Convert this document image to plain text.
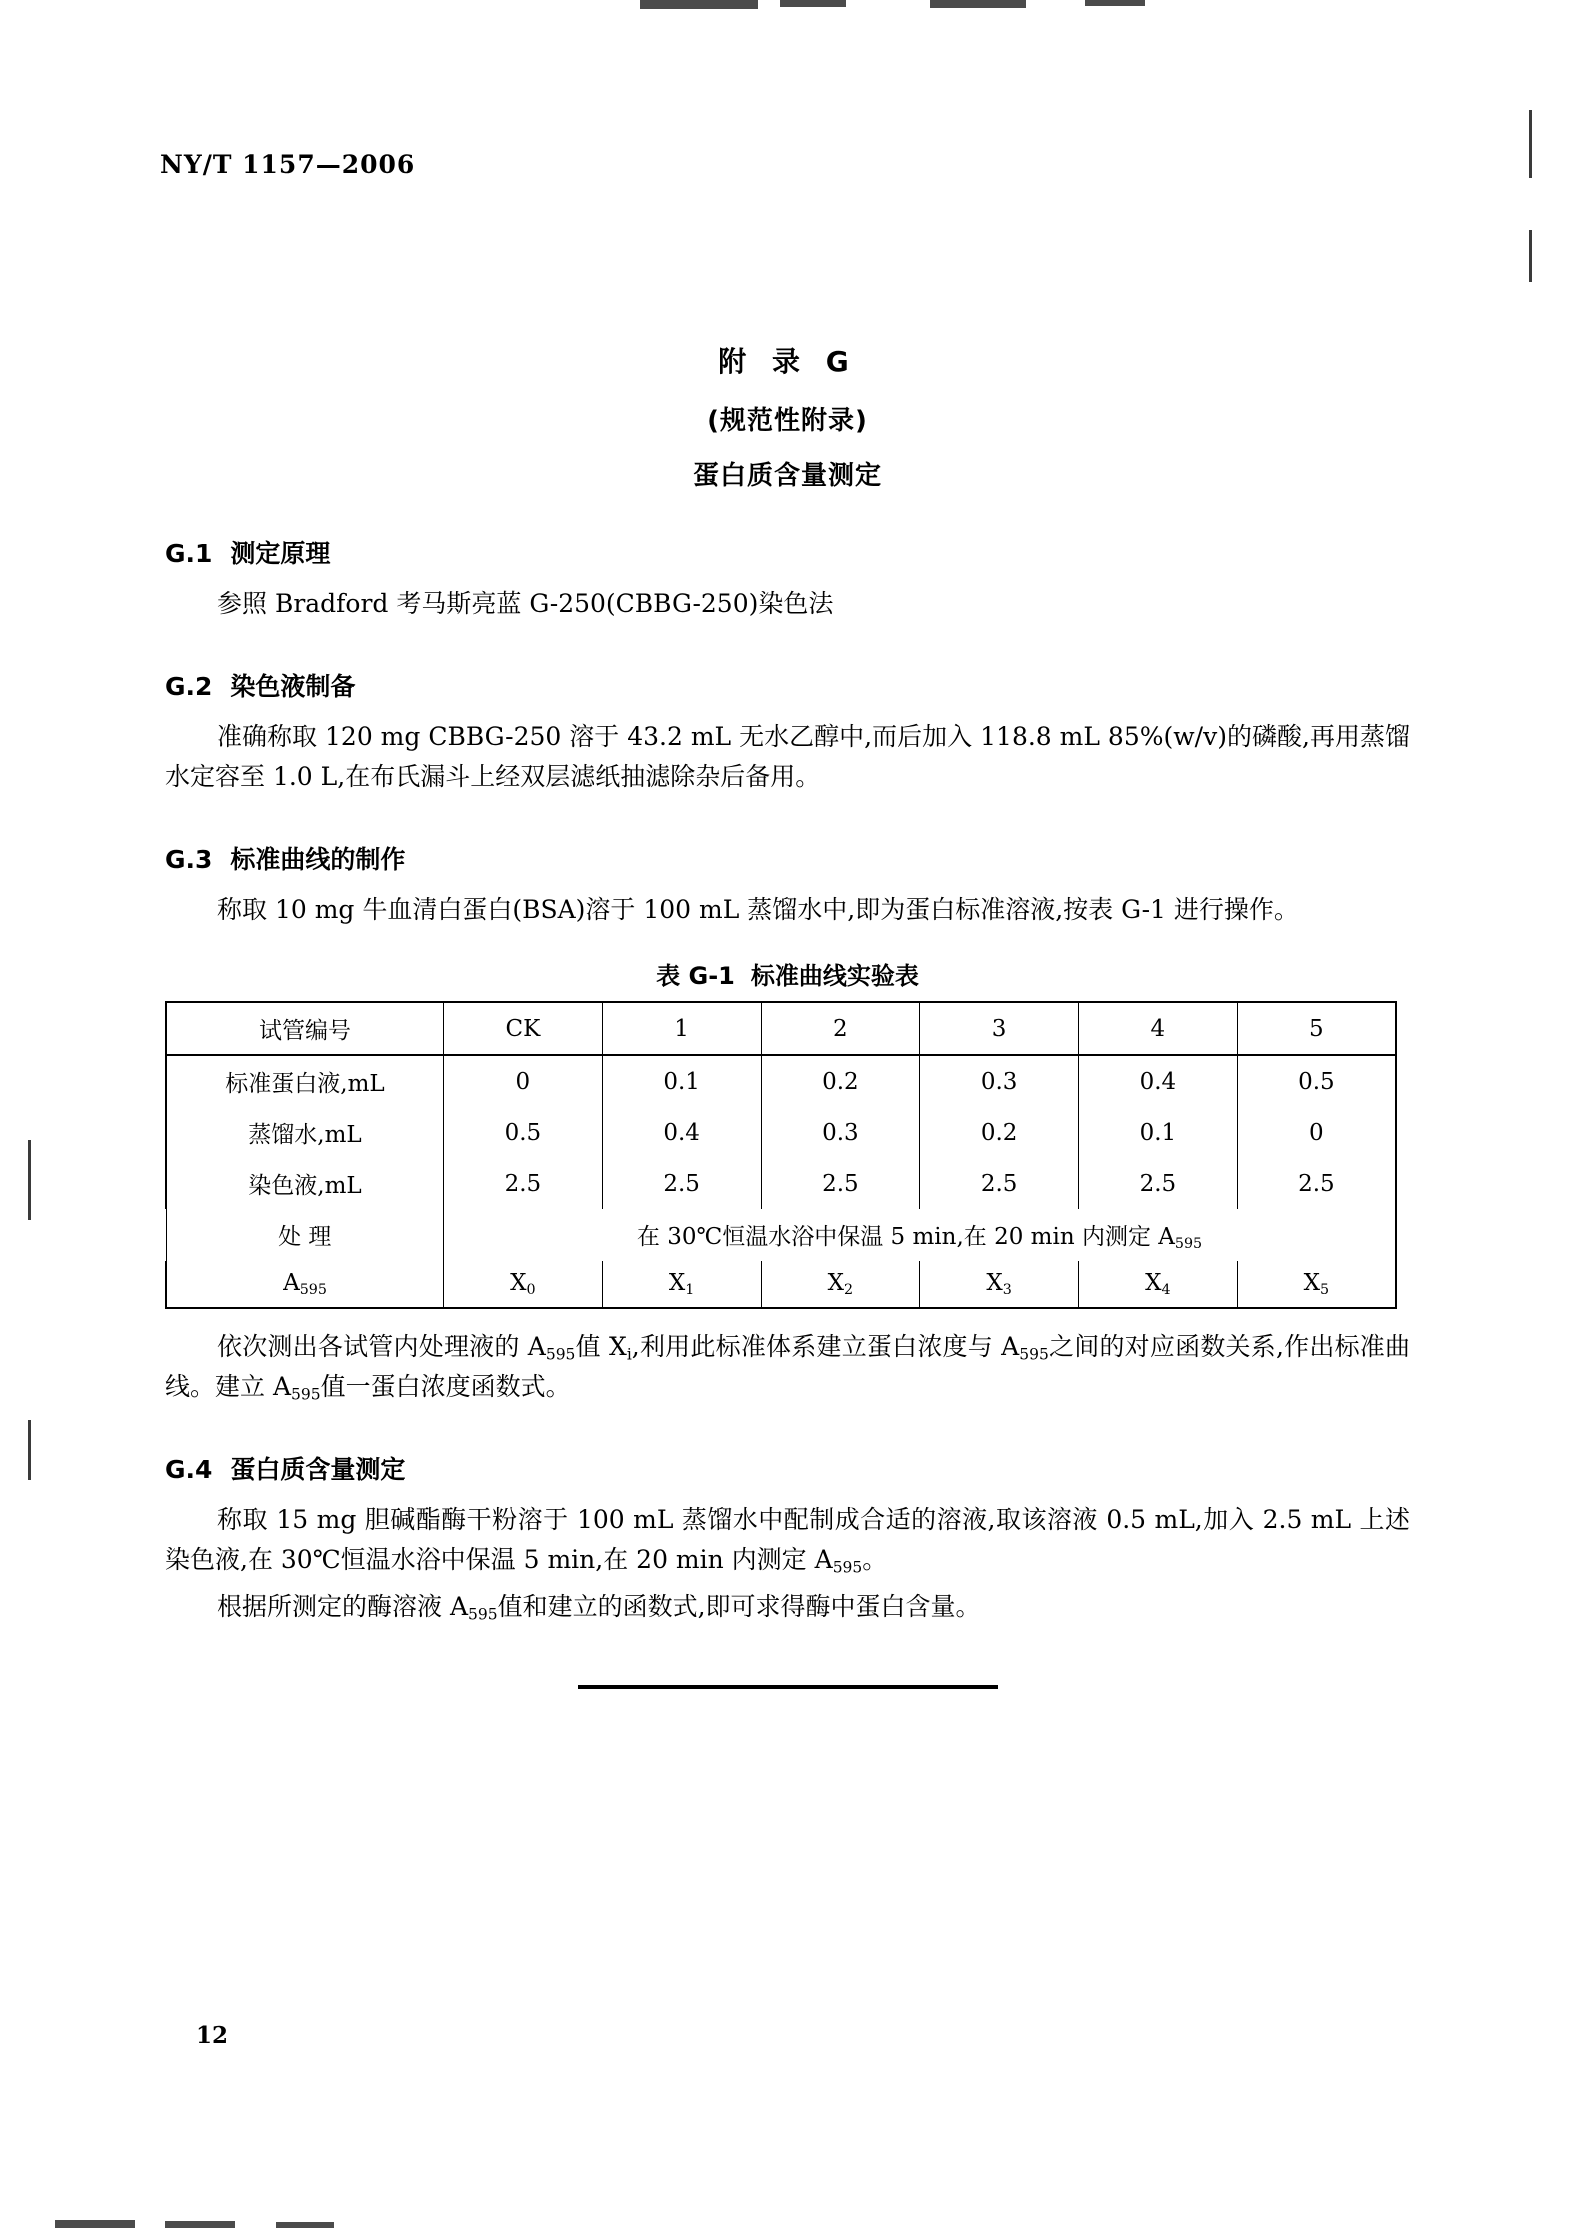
NY/T 1157—2006
附 录 G
(规范性附录)
蛋白质含量测定
G.1 测定原理

参照 Bradford 考马斯亮蓝 G-250(CBBG-250)染色法

G.2 染色液制备

准确称取 120 mg CBBG-250 溶于 43.2 mL 无水乙醇中,而后加入 118.8 mL 85%(w/v)的磷酸,再用蒸馏水定容至 1.0 L,在布氏漏斗上经双层滤纸抽滤除杂后备用。

G.3 标准曲线的制作

称取 10 mg 牛血清白蛋白(BSA)溶于 100 mL 蒸馏水中,即为蛋白标准溶液,按表 G-1 进行操作。

表 G-1 标准曲线实验表
试管编号	CK	1	2	3	4	5
标准蛋白液,mL	0	0.1	0.2	0.3	0.4	0.5
蒸馏水,mL	0.5	0.4	0.3	0.2	0.1	0
染色液,mL	2.5	2.5	2.5	2.5	2.5	2.5
处 理	在 30℃恒温水浴中保温 5 min,在 20 min 内测定 $A_{595}$
$A_{595}$	$X_0$	$X_1$	$X_2$	$X_3$	$X_4$	$X_5$

依次测出各试管内处理液的 $A_{595}$值 $X_i$,利用此标准体系建立蛋白浓度与 $A_{595}$之间的对应函数关系,作出标准曲线。建立 $A_{595}$值一蛋白浓度函数式。

G.4 蛋白质含量测定

称取 15 mg 胆碱酯酶干粉溶于 100 mL 蒸馏水中配制成合适的溶液,取该溶液 0.5 mL,加入 2.5 mL 上述染色液,在 30℃恒温水浴中保温 5 min,在 20 min 内测定 $A_{595}$。

根据所测定的酶溶液 $A_{595}$值和建立的函数式,即可求得酶中蛋白含量。

12
